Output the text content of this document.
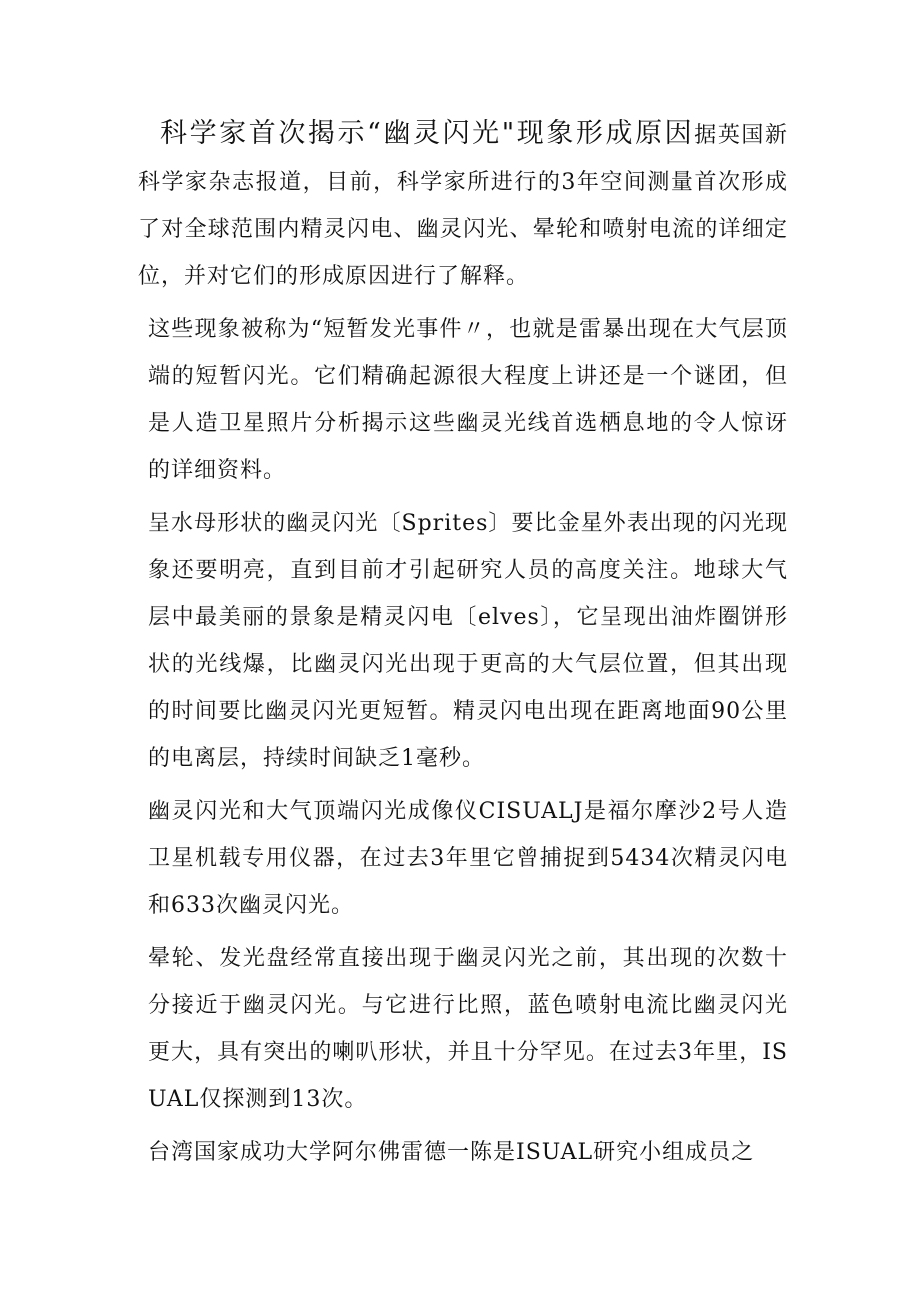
科学家首次揭示“幽灵闪光"现象形成原因据英国新科学家杂志报道，目前，科学家所进行的3年空间测量首次形成了对全球范围内精灵闪电、幽灵闪光、晕轮和喷射电流的详细定位，并对它们的形成原因进行了解释。

这些现象被称为“短暂发光事件〃，也就是雷暴出现在大气层顶端的短暂闪光。它们精确起源很大程度上讲还是一个谜团，但是人造卫星照片分析揭示这些幽灵光线首选栖息地的令人惊讶的详细资料。

呈水母形状的幽灵闪光〔Sprites〕要比金星外表出现的闪光现象还要明亮，直到目前才引起研究人员的高度关注。地球大气层中最美丽的景象是精灵闪电〔elves〕，它呈现出油炸圈饼形状的光线爆，比幽灵闪光出现于更高的大气层位置，但其出现的时间要比幽灵闪光更短暂。精灵闪电出现在距离地面90公里的电离层，持续时间缺乏1毫秒。

幽灵闪光和大气顶端闪光成像仪CISUALJ是福尔摩沙2号人造卫星机载专用仪器，在过去3年里它曾捕捉到5434次精灵闪电和633次幽灵闪光。

晕轮、发光盘经常直接出现于幽灵闪光之前，其出现的次数十分接近于幽灵闪光。与它进行比照，蓝色喷射电流比幽灵闪光更大，具有突出的喇叭形状，并且十分罕见。在过去3年里，ISUAL仅探测到13次。

台湾国家成功大学阿尔佛雷德一陈是ISUAL研究小组成员之
